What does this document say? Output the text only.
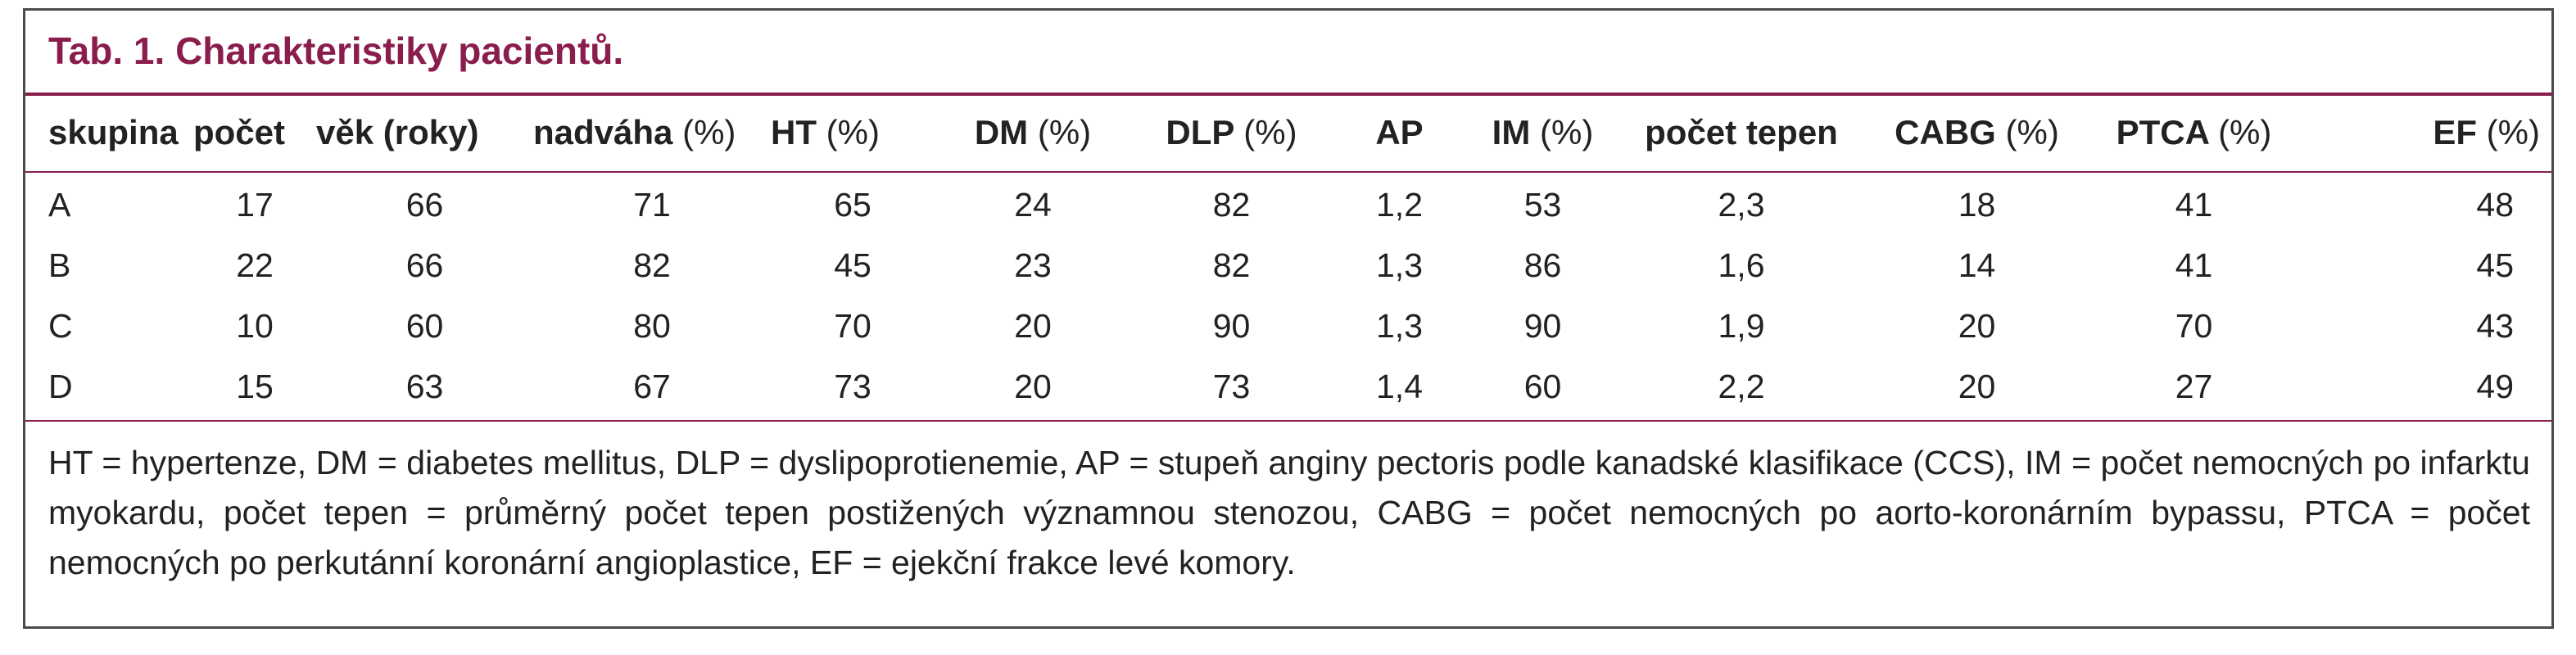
Tab. 1. Charakteristiky pacientů.
skupina	počet	věk (roky)	nadváha (%)	HT (%)	DM (%)	DLP (%)	AP	IM (%)	počet tepen	CABG (%)	PTCA (%)	EF (%)
A	17	66	71	65	24	82	1,2	53	2,3	18	41	48
B	22	66	82	45	23	82	1,3	86	1,6	14	41	45
C	10	60	80	70	20	90	1,3	90	1,9	20	70	43
D	15	63	67	73	20	73	1,4	60	2,2	20	27	49

HT = hypertenze, DM = diabetes mellitus, DLP = dyslipoprotienemie, AP = stupeň anginy pectoris podle kanadské klasifikace (CCS), IM = počet nemocných po infarktu myokardu, počet tepen = průměrný počet tepen postižených významnou stenozou, CABG = počet nemocných po aorto-koronárním bypassu, PTCA = počet nemocných po perkutánní koronární angioplastice, EF = ejekční frakce levé komory.
